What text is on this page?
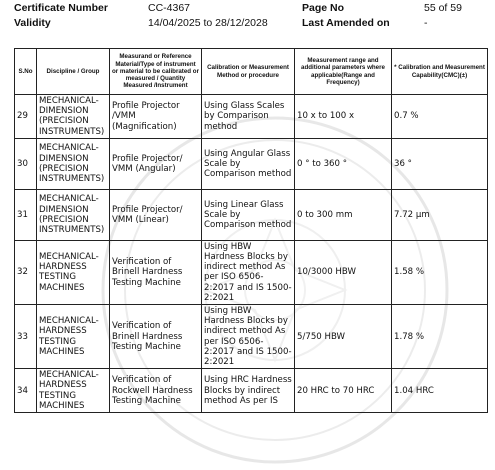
Certificate Number	CC-4367	Page No	55 of 59
Validity	14/04/2025 to 28/12/2028	Last Amended on	-
S.No	Discipline / Group	Measurand or Reference Material/Type of instrument or material to be calibrated or measured / Quantity Measured /Instrument	Calibration or Measurement Method or procedure	Measurement range and additional parameters where applicable(Range and Frequency)	* Calibration and Measurement Capability(CMC)(±)
29	MECHANICAL- DIMENSION (PRECISION INSTRUMENTS)	Profile Projector /VMM (Magnification)	Using Glass Scales by Comparison method	10 x to 100 x	0.7 %
30	MECHANICAL- DIMENSION (PRECISION INSTRUMENTS)	Profile Projector/ VMM (Angular)	Using Angular Glass Scale by Comparison method	0 ° to 360 °	36 °
31	MECHANICAL- DIMENSION (PRECISION INSTRUMENTS)	Profile Projector/ VMM (Linear)	Using Linear Glass Scale by Comparison method	0 to 300 mm	7.72 µm
32	MECHANICAL- HARDNESS TESTING MACHINES	Verification of Brinell Hardness Testing Machine	Using HBW Hardness Blocks by indirect method As per ISO 6506-2:2017 and IS 1500-2:2021	10/3000 HBW	1.58 %
33	MECHANICAL- HARDNESS TESTING MACHINES	Verification of Brinell Hardness Testing Machine	Using HBW Hardness Blocks by indirect method As per ISO 6506-2:2017 and IS 1500-2:2021	5/750 HBW	1.78 %
34	MECHANICAL- HARDNESS TESTING MACHINES	Verification of Rockwell Hardness Testing Machine	Using HRC Hardness Blocks by indirect method As per IS	20 HRC to 70 HRC	1.04 HRC
